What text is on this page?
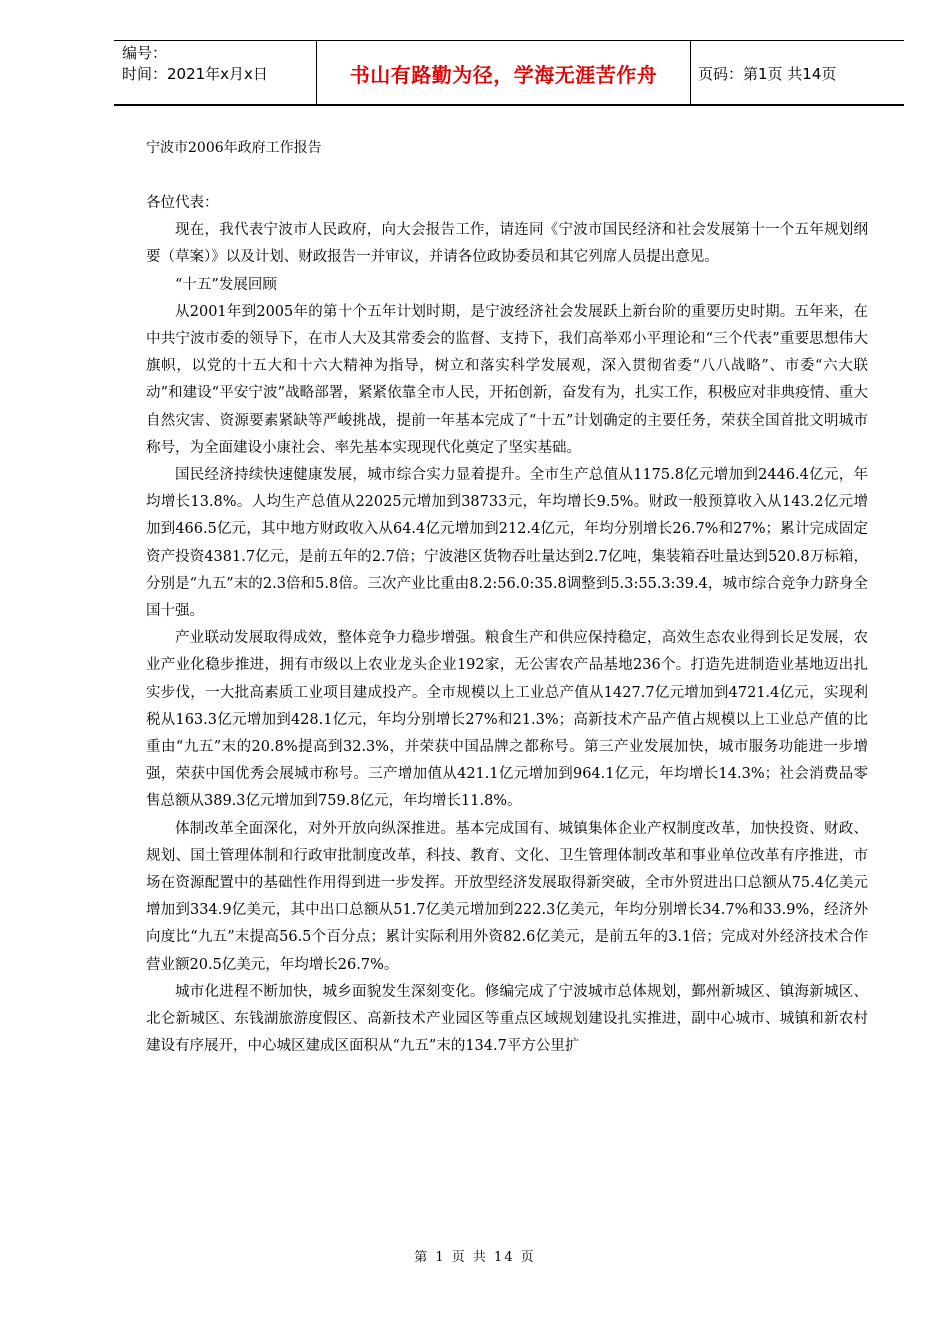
编号：
时间：2021年x月x日	书山有路勤为径，学海无涯苦作舟	页码：第1页 共14页
宁波市2006年政府工作报告

各位代表：

现在，我代表宁波市人民政府，向大会报告工作，请连同《宁波市国民经济和社会发展第十一个五年规划纲要（草案）》以及计划、财政报告一并审议，并请各位政协委员和其它列席人员提出意见。

“十五”发展回顾

从2001年到2005年的第十个五年计划时期，是宁波经济社会发展跃上新台阶的重要历史时期。五年来，在中共宁波市委的领导下，在市人大及其常委会的监督、支持下，我们高举邓小平理论和“三个代表”重要思想伟大旗帜，以党的十五大和十六大精神为指导，树立和落实科学发展观，深入贯彻省委“八八战略”、市委“六大联动”和建设“平安宁波”战略部署，紧紧依靠全市人民，开拓创新，奋发有为，扎实工作，积极应对非典疫情、重大自然灾害、资源要素紧缺等严峻挑战，提前一年基本完成了“十五”计划确定的主要任务，荣获全国首批文明城市称号，为全面建设小康社会、率先基本实现现代化奠定了坚实基础。

国民经济持续快速健康发展，城市综合实力显着提升。全市生产总值从1175.8亿元增加到2446.4亿元，年均增长13.8%。人均生产总值从22025元增加到38733元，年均增长9.5%。财政一般预算收入从143.2亿元增加到466.5亿元，其中地方财政收入从64.4亿元增加到212.4亿元，年均分别增长26.7%和27%；累计完成固定资产投资4381.7亿元，是前五年的2.7倍；宁波港区货物吞吐量达到2.7亿吨，集装箱吞吐量达到520.8万标箱，分别是“九五”末的2.3倍和5.8倍。三次产业比重由8.2:56.0:35.8调整到5.3:55.3:39.4，城市综合竞争力跻身全国十强。

产业联动发展取得成效，整体竞争力稳步增强。粮食生产和供应保持稳定，高效生态农业得到长足发展，农业产业化稳步推进，拥有市级以上农业龙头企业192家，无公害农产品基地236个。打造先进制造业基地迈出扎实步伐，一大批高素质工业项目建成投产。全市规模以上工业总产值从1427.7亿元增加到4721.4亿元，实现利税从163.3亿元增加到428.1亿元，年均分别增长27%和21.3%；高新技术产品产值占规模以上工业总产值的比重由“九五”末的20.8%提高到32.3%，并荣获中国品牌之都称号。第三产业发展加快，城市服务功能进一步增强，荣获中国优秀会展城市称号。三产增加值从421.1亿元增加到964.1亿元，年均增长14.3%；社会消费品零售总额从389.3亿元增加到759.8亿元，年均增长11.8%。

体制改革全面深化，对外开放向纵深推进。基本完成国有、城镇集体企业产权制度改革，加快投资、财政、规划、国土管理体制和行政审批制度改革，科技、教育、文化、卫生管理体制改革和事业单位改革有序推进，市场在资源配置中的基础性作用得到进一步发挥。开放型经济发展取得新突破，全市外贸进出口总额从75.4亿美元增加到334.9亿美元，其中出口总额从51.7亿美元增加到222.3亿美元，年均分别增长34.7%和33.9%，经济外向度比“九五”末提高56.5个百分点；累计实际利用外资82.6亿美元，是前五年的3.1倍；完成对外经济技术合作营业额20.5亿美元，年均增长26.7%。

城市化进程不断加快，城乡面貌发生深刻变化。修编完成了宁波城市总体规划，鄞州新城区、镇海新城区、北仑新城区、东钱湖旅游度假区、高新技术产业园区等重点区域规划建设扎实推进，副中心城市、城镇和新农村建设有序展开，中心城区建成区面积从“九五”末的134.7平方公里扩

第 1 页 共 14 页
